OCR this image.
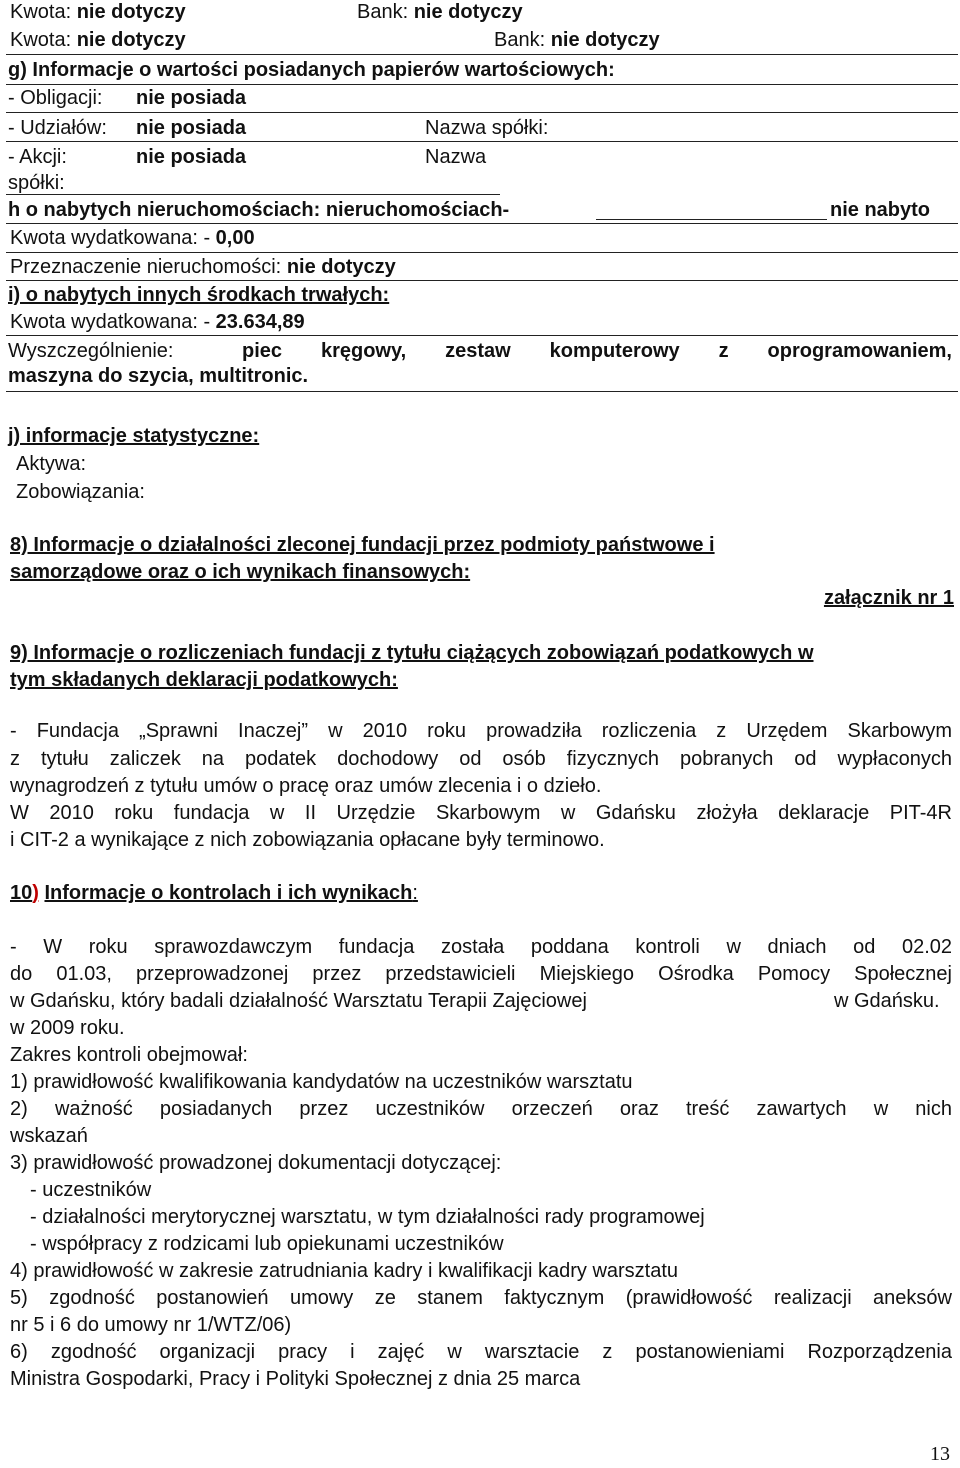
Kwota: nie dotyczy	Bank: nie dotyczy
Kwota: nie dotyczy	Bank: nie dotyczy
g) Informacje o wartości posiadanych papierów wartościowych:
- Obligacji: nie posiada
- Udziałów: nie posiada	Nazwa spółki:
- Akcji:	nie posiada	Nazwa
spółki:
h o nabytych nieruchomościach: nieruchomościach-	nie nabyto
Kwota wydatkowana: - 0,00
Przeznaczenie nieruchomości: nie dotyczy
i) o nabytych innych środkach trwałych:
Kwota wydatkowana: - 23.634,89
Wyszczególnienie:	piec kręgowy, zestaw komputerowy z oprogramowaniem,
maszyna do szycia, multitronic.
j) informacje statystyczne:
Aktywa:
Zobowiązania:
8) Informacje o działalności zleconej fundacji przez podmioty państwowe i
samorządowe oraz o ich wynikach finansowych:
załącznik nr 1
9) Informacje o rozliczeniach fundacji z tytułu ciążących zobowiązań podatkowych w
tym składanych deklaracji podatkowych:
- Fundacja „Sprawni Inaczej” w 2010 roku prowadziła rozliczenia z Urzędem Skarbowym
z tytułu zaliczek na podatek dochodowy od osób fizycznych pobranych od wypłaconych
wynagrodzeń z tytułu umów o pracę oraz umów zlecenia i o dzieło.
W 2010 roku fundacja w II Urzędzie Skarbowym w Gdańsku złożyła deklaracje PIT-4R
i CIT-2 a wynikające z nich zobowiązania opłacane były terminowo.
10) Informacje o kontrolach i ich wynikach:
- W roku sprawozdawczym fundacja została poddana kontroli w dniach od 02.02
do 01.03, przeprowadzonej przez przedstawicieli Miejskiego Ośrodka Pomocy Społecznej
w Gdańsku, który badali działalność Warsztatu Terapii Zajęciowej	w Gdańsku.
w 2009 roku.
Zakres kontroli obejmował:
1) prawidłowość kwalifikowania kandydatów na uczestników warsztatu
2) ważność posiadanych przez uczestników orzeczeń oraz treść zawartych w nich
wskazań
3) prawidłowość prowadzonej dokumentacji dotyczącej:
- uczestników
- działalności merytorycznej warsztatu, w tym działalności rady programowej
- współpracy z rodzicami lub opiekunami uczestników
4) prawidłowość w zakresie zatrudniania kadry i kwalifikacji kadry warsztatu
5) zgodność postanowień umowy ze stanem faktycznym (prawidłowość realizacji aneksów
nr 5 i 6 do umowy nr 1/WTZ/06)
6) zgodność organizacji pracy i zajęć w warsztacie z postanowieniami Rozporządzenia
Ministra Gospodarki, Pracy i Polityki Społecznej z dnia 25 marca
13
